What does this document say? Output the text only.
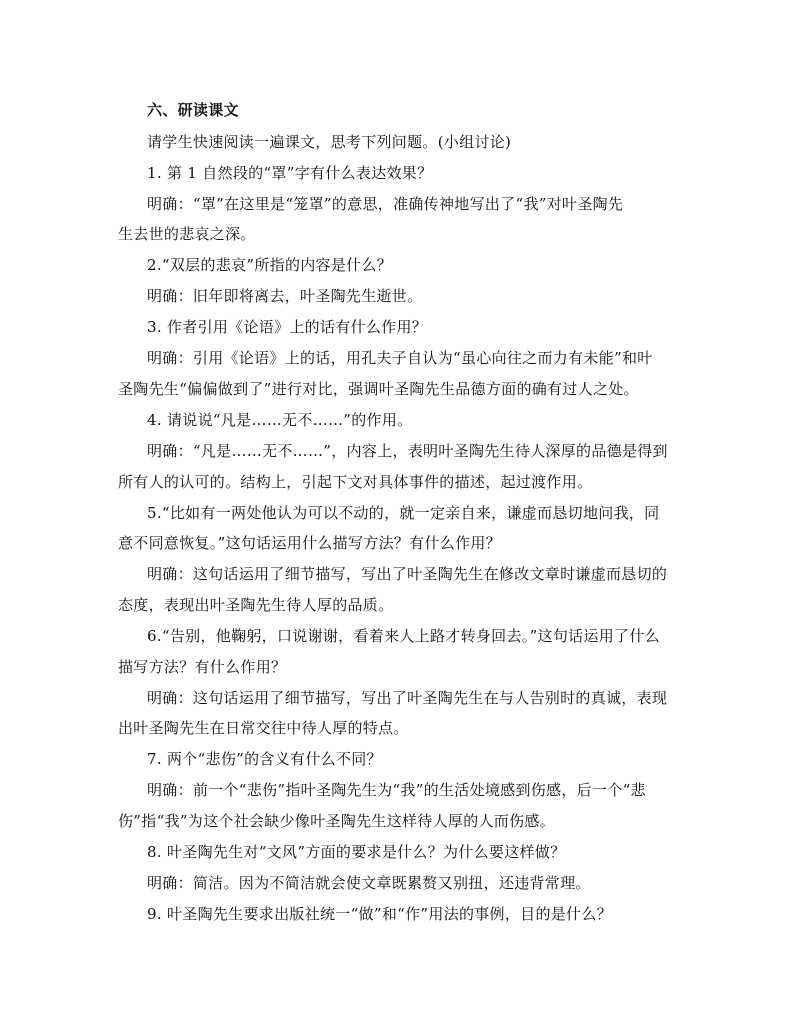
六、研读课文
请学生快速阅读一遍课文，思考下列问题。(小组讨论)
1. 第 1 自然段的“罩”字有什么表达效果？
明确：“罩”在这里是“笼罩”的意思，准确传神地写出了“我”对叶圣陶先
生去世的悲哀之深。
2.“双层的悲哀”所指的内容是什么？
明确：旧年即将离去，叶圣陶先生逝世。
3. 作者引用《论语》上的话有什么作用？
明确：引用《论语》上的话，用孔夫子自认为“虽心向往之而力有未能”和叶
圣陶先生“偏偏做到了”进行对比，强调叶圣陶先生品德方面的确有过人之处。
4. 请说说“凡是……无不……”的作用。
明确：“凡是……无不……”，内容上，表明叶圣陶先生待人深厚的品德是得到
所有人的认可的。结构上，引起下文对具体事件的描述，起过渡作用。
5.“比如有一两处他认为可以不动的，就一定亲自来，谦虚而恳切地问我，同
意不同意恢复。”这句话运用什么描写方法？有什么作用？
明确：这句话运用了细节描写，写出了叶圣陶先生在修改文章时谦虚而恳切的
态度，表现出叶圣陶先生待人厚的品质。
6.“告别，他鞠躬，口说谢谢，看着来人上路才转身回去。”这句话运用了什么
描写方法？有什么作用？
明确：这句话运用了细节描写，写出了叶圣陶先生在与人告别时的真诚，表现
出叶圣陶先生在日常交往中待人厚的特点。
7. 两个“悲伤”的含义有什么不同？
明确：前一个“悲伤”指叶圣陶先生为“我”的生活处境感到伤感，后一个“悲
伤”指“我”为这个社会缺少像叶圣陶先生这样待人厚的人而伤感。
8. 叶圣陶先生对“文风”方面的要求是什么？为什么要这样做？
明确：简洁。因为不简洁就会使文章既累赘又别扭，还违背常理。
9. 叶圣陶先生要求出版社统一“做”和“作”用法的事例，目的是什么？
